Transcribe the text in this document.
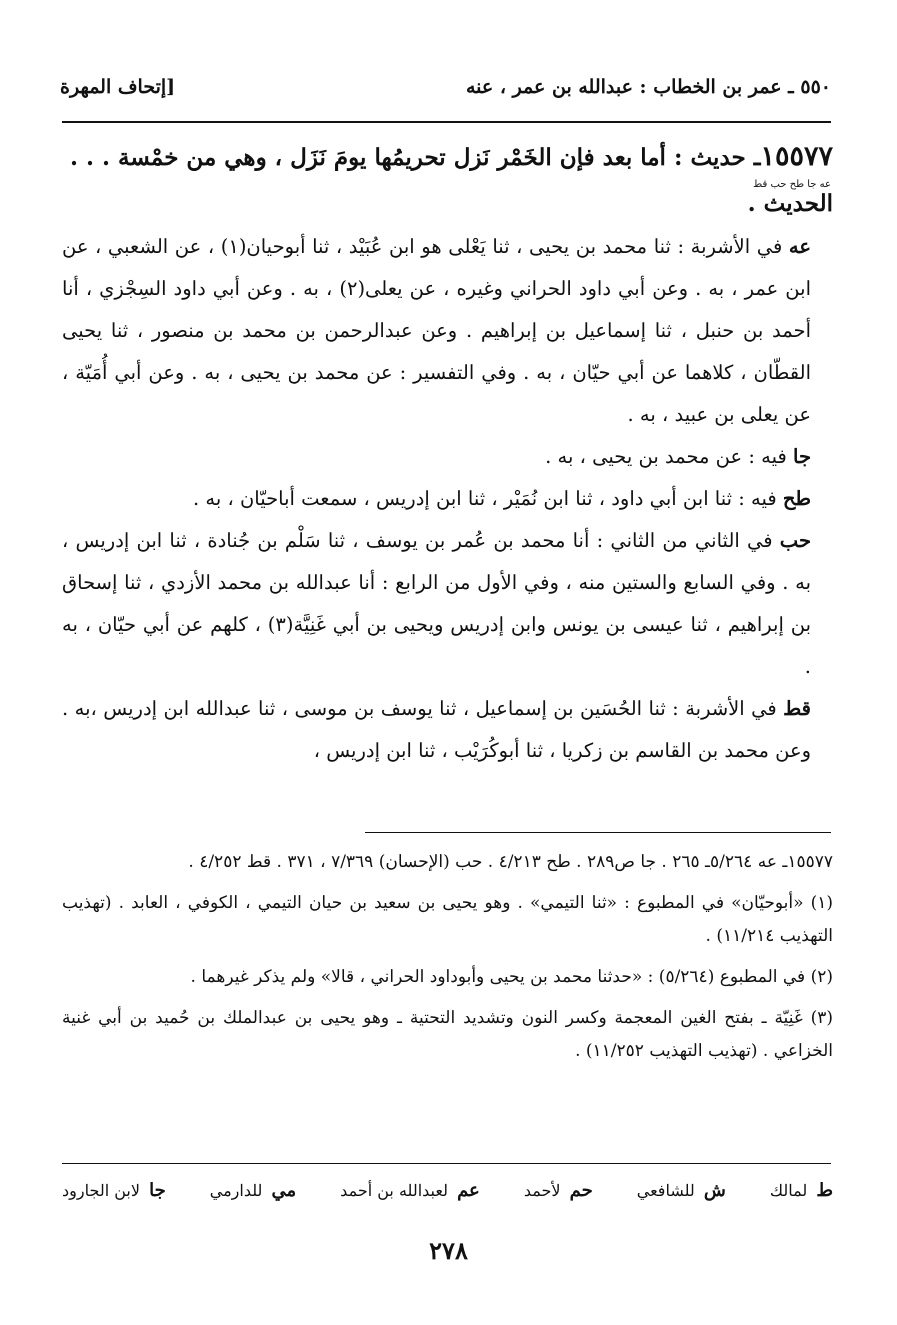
٥٥٠ ـ عمر بن الخطاب : عبدالله بن عمر ، عنه
[إتحاف المهرة
١٥٥٧٧ـ حديث : أما بعد فإن الخَمْر نَزل تحريمُها يومَ نَزَل ، وهي من خمْسة . . .
عه جا طح حب قط
الحديث .

عه في الأشربة : ثنا محمد بن يحيى ، ثنا يَعْلى هو ابن عُبَيْد ، ثنا أبوحيان(١) ، عن الشعبي ، عن ابن عمر ، به . وعن أبي داود الحراني وغيره ، عن يعلى(٢) ، به . وعن أبي داود السِجْزي ، أنا أحمد بن حنبل ، ثنا إسماعيل بن إبراهيم . وعن عبدالرحمن بن محمد بن منصور ، ثنا يحيى القطّان ، كلاهما عن أبي حيّان ، به . وفي التفسير : عن محمد بن يحيى ، به . وعن أبي أُمَيّة ، عن يعلى بن عبيد ، به .

جا فيه : عن محمد بن يحيى ، به .

طح فيه : ثنا ابن أبي داود ، ثنا ابن نُمَيْر ، ثنا ابن إدريس ، سمعت أباحيّان ، به .

حب في الثاني من الثاني : أنا محمد بن عُمر بن يوسف ، ثنا سَلْم بن جُنادة ، ثنا ابن إدريس ، به . وفي السابع والستين منه ، وفي الأول من الرابع : أنا عبدالله بن محمد الأزدي ، ثنا إسحاق بن إبراهيم ، ثنا عيسى بن يونس وابن إدريس ويحيى بن أبي غَنِيَّة(٣) ، كلهم عن أبي حيّان ، به .

قط في الأشربة : ثنا الحُسَين بن إسماعيل ، ثنا يوسف بن موسى ، ثنا عبدالله ابن إدريس ،به . وعن محمد بن القاسم بن زكريا ، ثنا أبوكُرَيْب ، ثنا ابن إدريس ،

١٥٥٧٧ـ عه ٥/٢٦٤ـ ٢٦٥ . جا ص٢٨٩ . طح ٤/٢١٣ . حب (الإحسان) ٧/٣٦٩ ، ٣٧١ . قط ٤/٢٥٢ .

(١) «أبوحيّان» في المطبوع : «ثنا التيمي» . وهو يحيى بن سعيد بن حيان التيمي ، الكوفي ، العابد . (تهذيب التهذيب ١١/٢١٤) .

(٢) في المطبوع (٥/٢٦٤) : «حدثنا محمد بن يحيى وأبوداود الحراني ، قالا» ولم يذكر غيرهما .

(٣) غَنِيّة ـ بفتح الغين المعجمة وكسر النون وتشديد التحتية ـ وهو يحيى بن عبدالملك بن حُميد بن أبي غنية الخزاعي . (تهذيب التهذيب ١١/٢٥٢) .

ط لمالك
ش للشافعي
حم لأحمد
عم لعبدالله بن أحمد
مي للدارمي
جا لابن الجارود
٢٧٨
